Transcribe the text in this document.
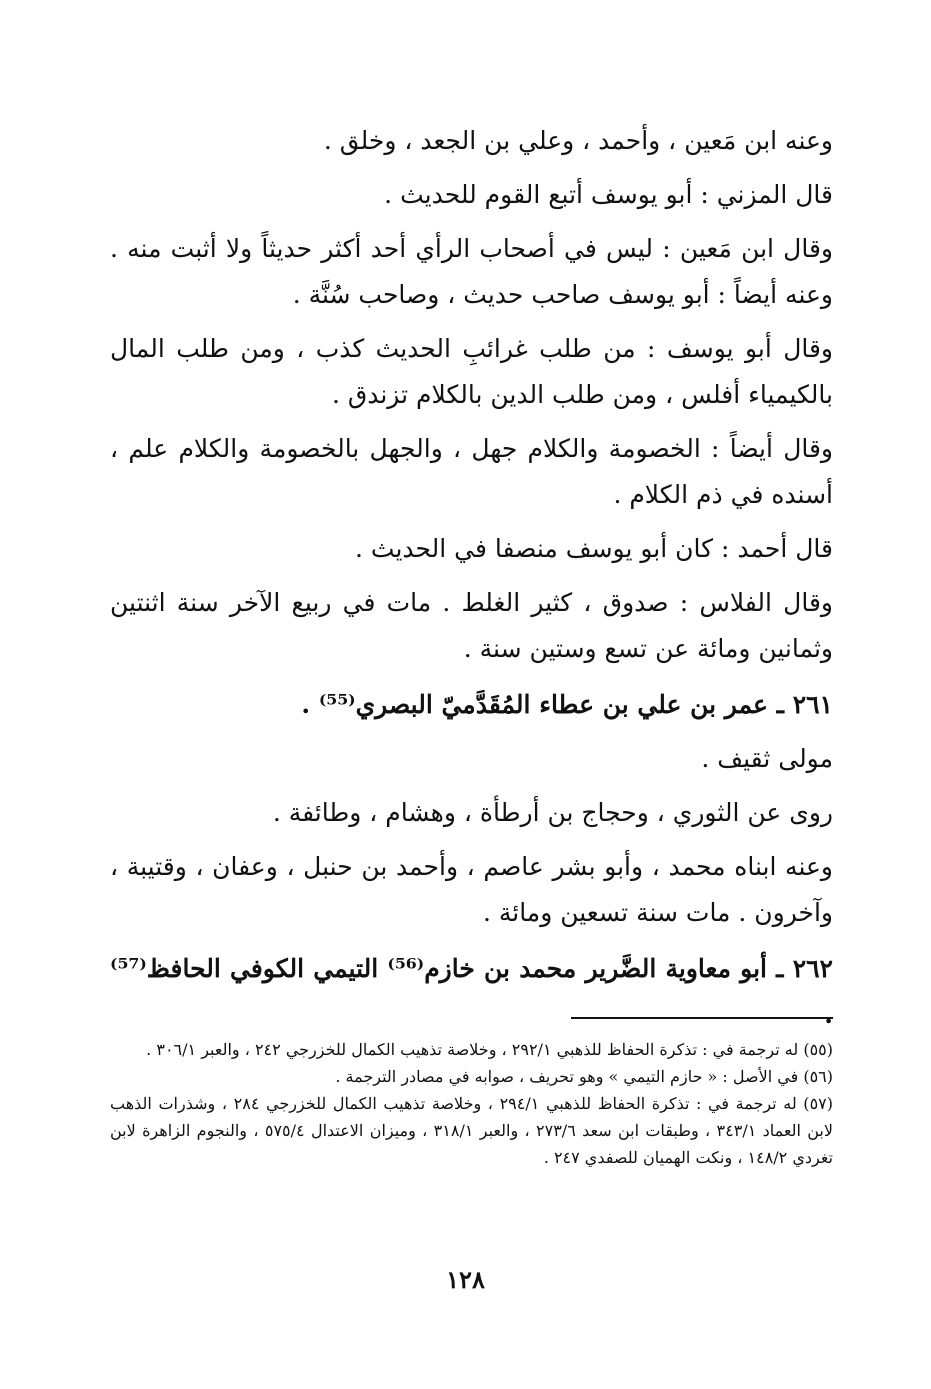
وعنه ابن مَعين ، وأحمد ، وعلي بن الجعد ، وخلق .

قال المزني : أبو يوسف أتبع القوم للحديث .

وقال ابن مَعين : ليس في أصحاب الرأي أحد أكثر حديثاً ولا أثبت منه . وعنه أيضاً : أبو يوسف صاحب حديث ، وصاحب سُنَّة .

وقال أبو يوسف : من طلب غرائبِ الحديث كذب ، ومن طلب المال بالكيمياء أفلس ، ومن طلب الدين بالكلام تزندق .

وقال أيضاً : الخصومة والكلام جهل ، والجهل بالخصومة والكلام علم ، أسنده في ذم الكلام .

قال أحمد : كان أبو يوسف منصفا في الحديث .

وقال الفلاس : صدوق ، كثير الغلط . مات في ربيع الآخر سنة اثنتين وثمانين ومائة عن تسع وستين سنة .

٢٦١ ـ عمر بن علي بن عطاء المُقَدَّميّ البصري⁽⁵⁵⁾ .

مولى ثقيف .

روى عن الثوري ، وحجاج بن أرطأة ، وهشام ، وطائفة .

وعنه ابناه محمد ، وأبو بشر عاصم ، وأحمد بن حنبل ، وعفان ، وقتيبة ، وآخرون . مات سنة تسعين ومائة .

٢٦٢ ـ أبو معاوية الضَّرير محمد بن خازم⁽⁵⁶⁾ التيمي الكوفي الحافظ⁽⁵⁷⁾ .

(٥٥) له ترجمة في : تذكرة الحفاظ للذهبي ٢٩٢/١ ، وخلاصة تذهيب الكمال للخزرجي ٢٤٢ ، والعبر ٣٠٦/١ .

(٥٦) في الأصل : « حازم التيمي » وهو تحريف ، صوابه في مصادر الترجمة .

(٥٧) له ترجمة في : تذكرة الحفاظ للذهبي ٢٩٤/١ ، وخلاصة تذهيب الكمال للخزرجي ٢٨٤ ، وشذرات الذهب لابن العماد ٣٤٣/١ ، وطبقات ابن سعد ٢٧٣/٦ ، والعبر ٣١٨/١ ، وميزان الاعتدال ٥٧٥/٤ ، والنجوم الزاهرة لابن تغردي ١٤٨/٢ ، ونكت الهميان للصفدي ٢٤٧ .

١٢٨
